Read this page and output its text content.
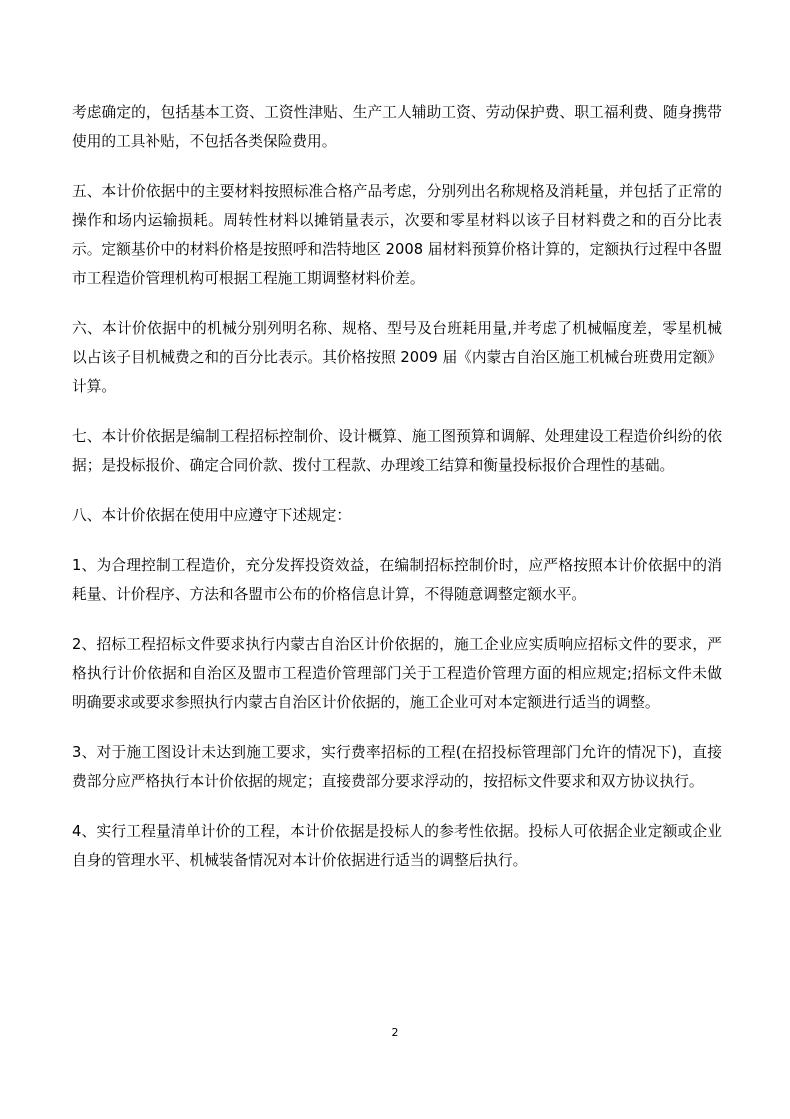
考虑确定的，包括基本工资、工资性津贴、生产工人辅助工资、劳动保护费、职工福利费、随身携带使用的工具补贴，不包括各类保险费用。

五、本计价依据中的主要材料按照标准合格产品考虑，分别列出名称规格及消耗量，并包括了正常的操作和场内运输损耗。周转性材料以摊销量表示，次要和零星材料以该子目材料费之和的百分比表示。定额基价中的材料价格是按照呼和浩特地区 2008 届材料预算价格计算的，定额执行过程中各盟市工程造价管理机构可根据工程施工期调整材料价差。

六、本计价依据中的机械分别列明名称、规格、型号及台班耗用量,并考虑了机械幅度差，零星机械以占该子目机械费之和的百分比表示。其价格按照 2009 届《内蒙古自治区施工机械台班费用定额》计算。

七、本计价依据是编制工程招标控制价、设计概算、施工图预算和调解、处理建设工程造价纠纷的依据；是投标报价、确定合同价款、拨付工程款、办理竣工结算和衡量投标报价合理性的基础。

八、本计价依据在使用中应遵守下述规定：

1、为合理控制工程造价，充分发挥投资效益，在编制招标控制价时，应严格按照本计价依据中的消耗量、计价程序、方法和各盟市公布的价格信息计算，不得随意调整定额水平。

2、招标工程招标文件要求执行内蒙古自治区计价依据的，施工企业应实质响应招标文件的要求，严格执行计价依据和自治区及盟市工程造价管理部门关于工程造价管理方面的相应规定;招标文件未做明确要求或要求参照执行内蒙古自治区计价依据的，施工企业可对本定额进行适当的调整。

3、对于施工图设计未达到施工要求，实行费率招标的工程(在招投标管理部门允许的情况下)，直接费部分应严格执行本计价依据的规定；直接费部分要求浮动的，按招标文件要求和双方协议执行。

4、实行工程量清单计价的工程，本计价依据是投标人的参考性依据。投标人可依据企业定额或企业自身的管理水平、机械装备情况对本计价依据进行适当的调整后执行。

2
